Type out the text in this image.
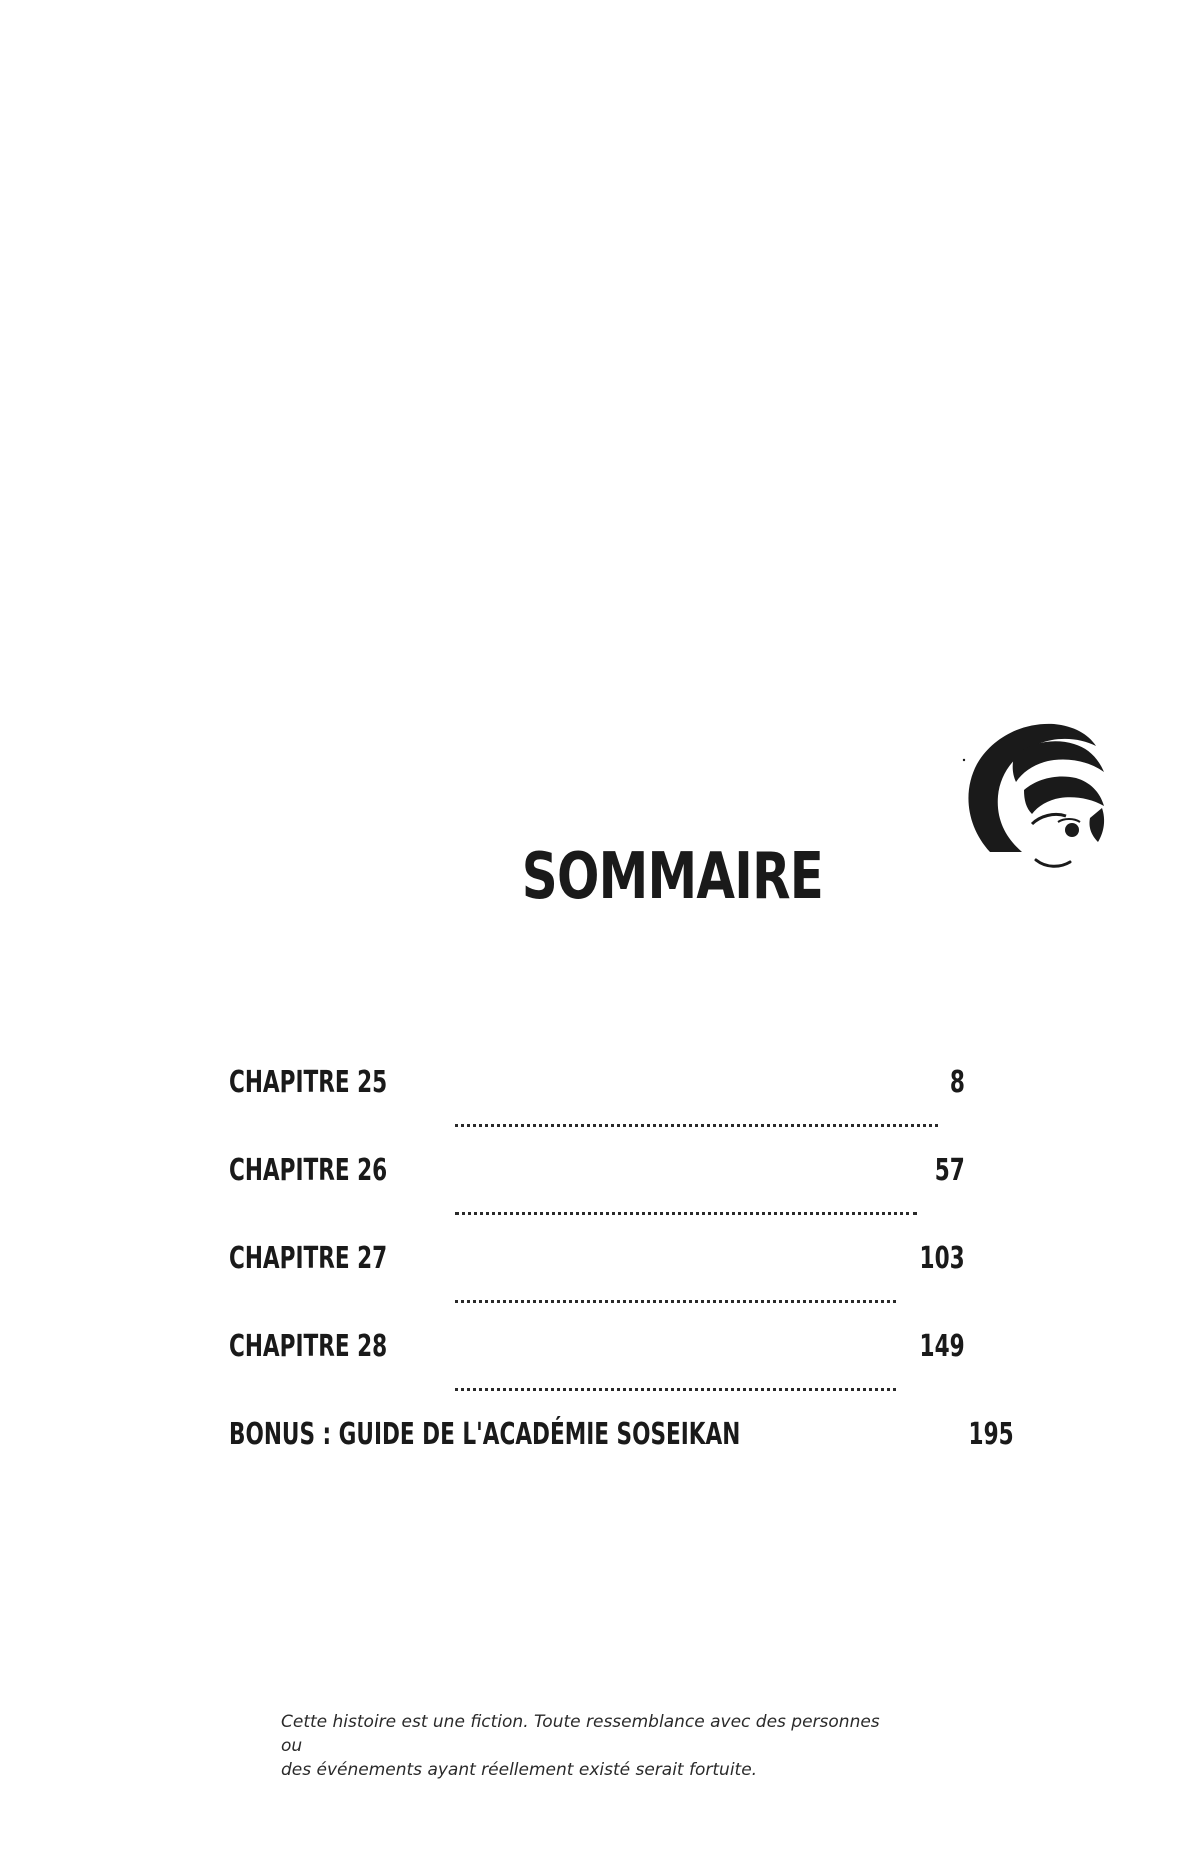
SOMMAIRE
CHAPITRE 25	8
CHAPITRE 26	57
CHAPITRE 27	103
CHAPITRE 28	149
BONUS : GUIDE DE L'ACADÉMIE SOSEIKAN	195

Cette histoire est une fiction. Toute ressemblance avec des personnes ou
des événements ayant réellement existé serait fortuite.
